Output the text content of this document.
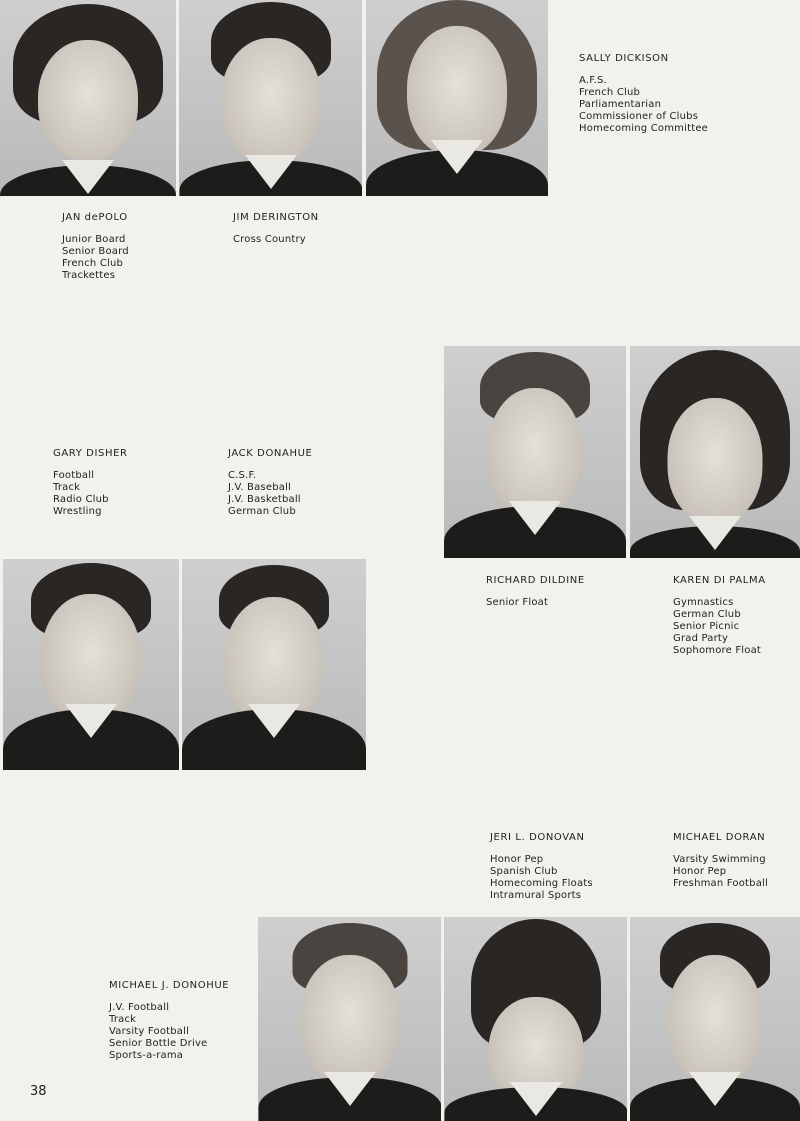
JAN dePOLO
Junior Board
Senior Board
French Club
Trackettes
JIM DERINGTON
Cross Country
SALLY DICKISON
A.F.S.
French Club
Parliamentarian
Commissioner of Clubs
Homecoming Committee
GARY DISHER
Football
Track
Radio Club
Wrestling
JACK DONAHUE
C.S.F.
J.V. Baseball
J.V. Basketball
German Club
RICHARD DILDINE
Senior Float
KAREN DI PALMA
Gymnastics
German Club
Senior Picnic
Grad Party
Sophomore Float
JERI L. DONOVAN
Honor Pep
Spanish Club
Homecoming Floats
Intramural Sports
MICHAEL DORAN
Varsity Swimming
Honor Pep
Freshman Football
MICHAEL J. DONOHUE
J.V. Football
Track
Varsity Football
Senior Bottle Drive
Sports-a-rama
38
